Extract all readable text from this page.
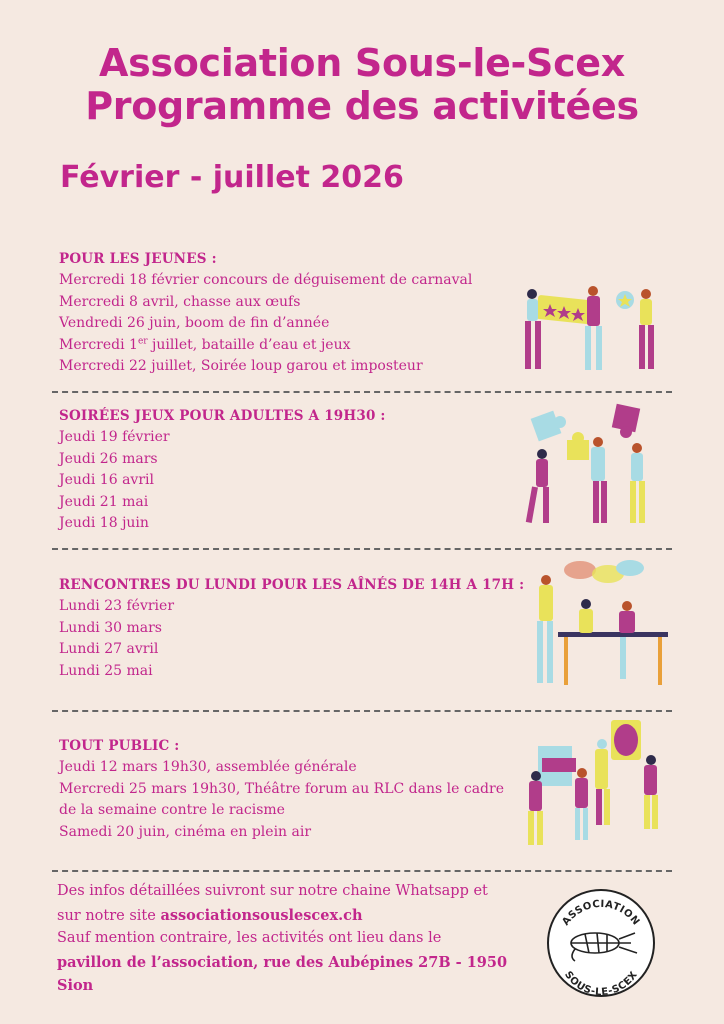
Association Sous-le-Scex
Programme des activitées
Février - juillet 2026
POUR LES JEUNES :
Mercredi 18 février concours de déguisement de carnaval
Mercredi 8 avril, chasse aux œufs
Vendredi 26 juin, boom de fin d’année
Mercredi 1er juillet, bataille d’eau et jeux
Mercredi 22 juillet, Soirée loup garou et imposteur
SOIRÉES JEUX POUR ADULTES A 19H30 :
Jeudi 19 février
Jeudi 26 mars
Jeudi 16 avril
Jeudi 21 mai
Jeudi 18 juin
RENCONTRES DU LUNDI POUR LES AÎNÉS DE 14H A 17H :
Lundi 23 février
Lundi 30 mars
Lundi 27 avril
Lundi 25 mai
TOUT PUBLIC :
Jeudi 12 mars 19h30, assemblée générale
Mercredi 25 mars 19h30, Théâtre forum au RLC dans le cadre
de la semaine contre le racisme
Samedi 20 juin, cinéma en plein air
Des infos détaillées suivront sur notre chaine Whatsapp et
sur notre site associationsouslescex.ch
Sauf mention contraire, les activités ont lieu dans le
pavillon de l’association, rue des Aubépines 27B - 1950
Sion
ASSOCIATION
SOUS-LE-SCEX
